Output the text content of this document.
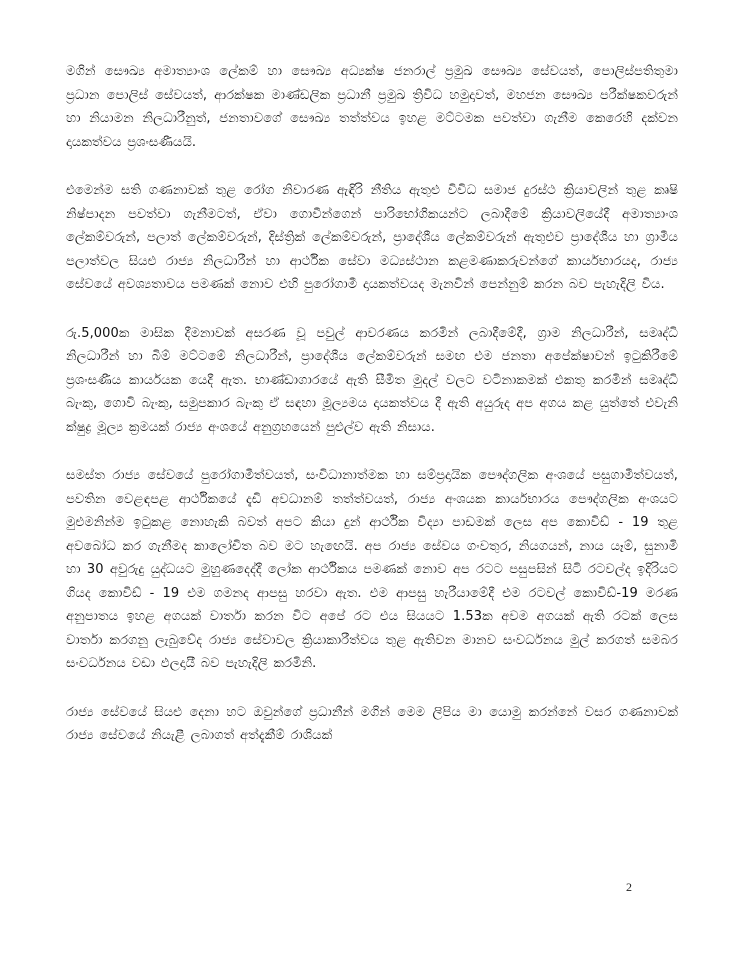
මගින් සෞඛ්‍ය අමාත්‍යාංශ ලේකම් හා සෞඛ්‍ය අධ්‍යක්ෂ ජනරාල් ප්‍රමුඛ සෞඛ්‍ය සේවයත්, පොලිස්පතිතුමා ප්‍රධාන පොලිස් සේවයත්, ආරක්ෂක මාණ්ඩලික ප්‍රධානී ප්‍රමුඛ ත්‍රිවිධ හමුදාවත්, මහජන සෞඛ්‍ය පරීක්ෂකවරුන් හා නියාමන නිලධාරීනුත්, ජනතාවගේ සෞඛ්‍ය තත්ත්වය ඉහළ මට්ටමක පවත්වා ගැනීම කෙරෙහි දක්වන දායකත්වය ප්‍රශංසණීයයි.

එමෙන්ම සති ගණනාවක් තුළ රෝග නිවාරණ ඇඳිරි නීතිය ඇතුළු විවිධ සමාජ දුරස්ථ ක්‍රියාවලින් තුළ කෘෂි නිෂ්පාදන පවත්වා ගැනීමටත්, ඒවා ගොවීන්ගෙන් පාරිභෝගිකයන්ට ලබාදීමේ ක්‍රියාවලියේදී අමාත්‍යාංශ ලේකම්වරුන්, පලාත් ලේකම්වරුන්, දිස්ත්‍රික් ලේකම්වරුන්, ප්‍රාදේශීය ලේකම්වරුන් ඇතුළුව ප්‍රාදේශීය හා ග්‍රාමීය පලාත්වල සියළු රාජ්‍ය නිලධාරීන් හා ආර්ථික සේවා මධ්‍යස්ථාන කළමණාකරුවන්ගේ කාර්යභාරයද, රාජ්‍ය සේවයේ අවශ්‍යතාවය පමණක් නොව එහි පුරෝගාමී දායකත්වයද මැනවින් පෙන්නුම් කරන බව පැහැදිලි විය.

රු.5,000ක මාසික දීමනාවක් අසරණ වූ පවුල් ආවරණය කරමින් ලබාදීමේදී, ග්‍රාම නිලධාරීන්, සමෘද්ධි නිලධාරීන් හා බිම් මට්ටමේ නිලධාරීන්, ප්‍රාදේශීය ලේකම්වරුන් සමඟ එම ජනතා අපේක්ෂාවන් ඉටුකිරීමේ ප්‍රශංසණීය කාර්යයක යෙදී ඇත. භාණ්ඩාගාරයේ ඇති සීමිත මුදල් වලට වටිනාකමක් එකතු කරමින් සමෘද්ධි බැංකු, ගොවි බැංකු, සමුපකාර බැංකු ඒ සඳහා මූල්‍යමය දායකත්වය දී ඇති අයුරුද අප අගය කළ යුත්තේ එවැනි ක්ෂුද්‍ර මූල්‍ය ක්‍රමයක් රාජ්‍ය අංශයේ අනුග්‍රහයෙන් පුළුල්ව ඇති නිසාය.

සමස්ත රාජ්‍ය සේවයේ පුරෝගාමීත්වයත්, සංවිධානාත්මක හා සම්ප්‍රදායික පෞද්ගලික අංශයේ පසුගාමීත්වයත්, පවතින වෙළඳපළ ආර්ථිකයේ දැඩි අවධානම් තත්ත්වයත්, රාජ්‍ය අංශයක කාර්යභාරය පෞද්ගලික අංශයට මුළුමනින්ම ඉටුකළ නොහැකි බවත් අපට කියා දුන් ආර්ථික විද්‍යා පාඩමක් ලෙස අප කොවිඩ් - 19 තුළ අවබෝධ කර ගැනීමද කාලෝචිත බව මට හැඟෙයි. අප රාජ්‍ය සේවය ගංවතුර, නියගයන්, නාය යෑම්, සුනාමි හා 30 අවුරුදු යුද්ධයට මුහුණදෙද්දී ලෝක ආර්ථිකය පමණක් නොව අප රටට පසුපසින් සිටි රටවල්ද ඉදිරියට ගියද කොවිඩ් - 19 එම ගමනද ආපසු හරවා ඇත. එම ආපසු හැරීයාමේදී එම රටවල් කොවිඩ්-19 මරණ අනුපාතය ඉහළ අගයක් වාර්තා කරන විට අපේ රට එය සියයට 1.53ක අවම අගයක් ඇති රටක් ලෙස වාර්තා කරගනු ලැබුවේද රාජ්‍ය සේවාවල ක්‍රියාකාරීත්වය තුළ ඇතිවන මානව සංවර්ධනය මුල් කරගත් සමබර සංවර්ධනය වඩා ඵලදායී බව පැහැදිලි කරමිනි.

රාජ්‍ය සේවයේ සියළු දෙනා හට ඔවුන්ගේ ප්‍රධානීන් මගින් මෙම ලිපිය මා යොමු කරන්නේ වසර ගණනාවක් රාජ්‍ය සේවයේ නියැළී ලබාගත් අත්දැකීම් රාශියක්

2
